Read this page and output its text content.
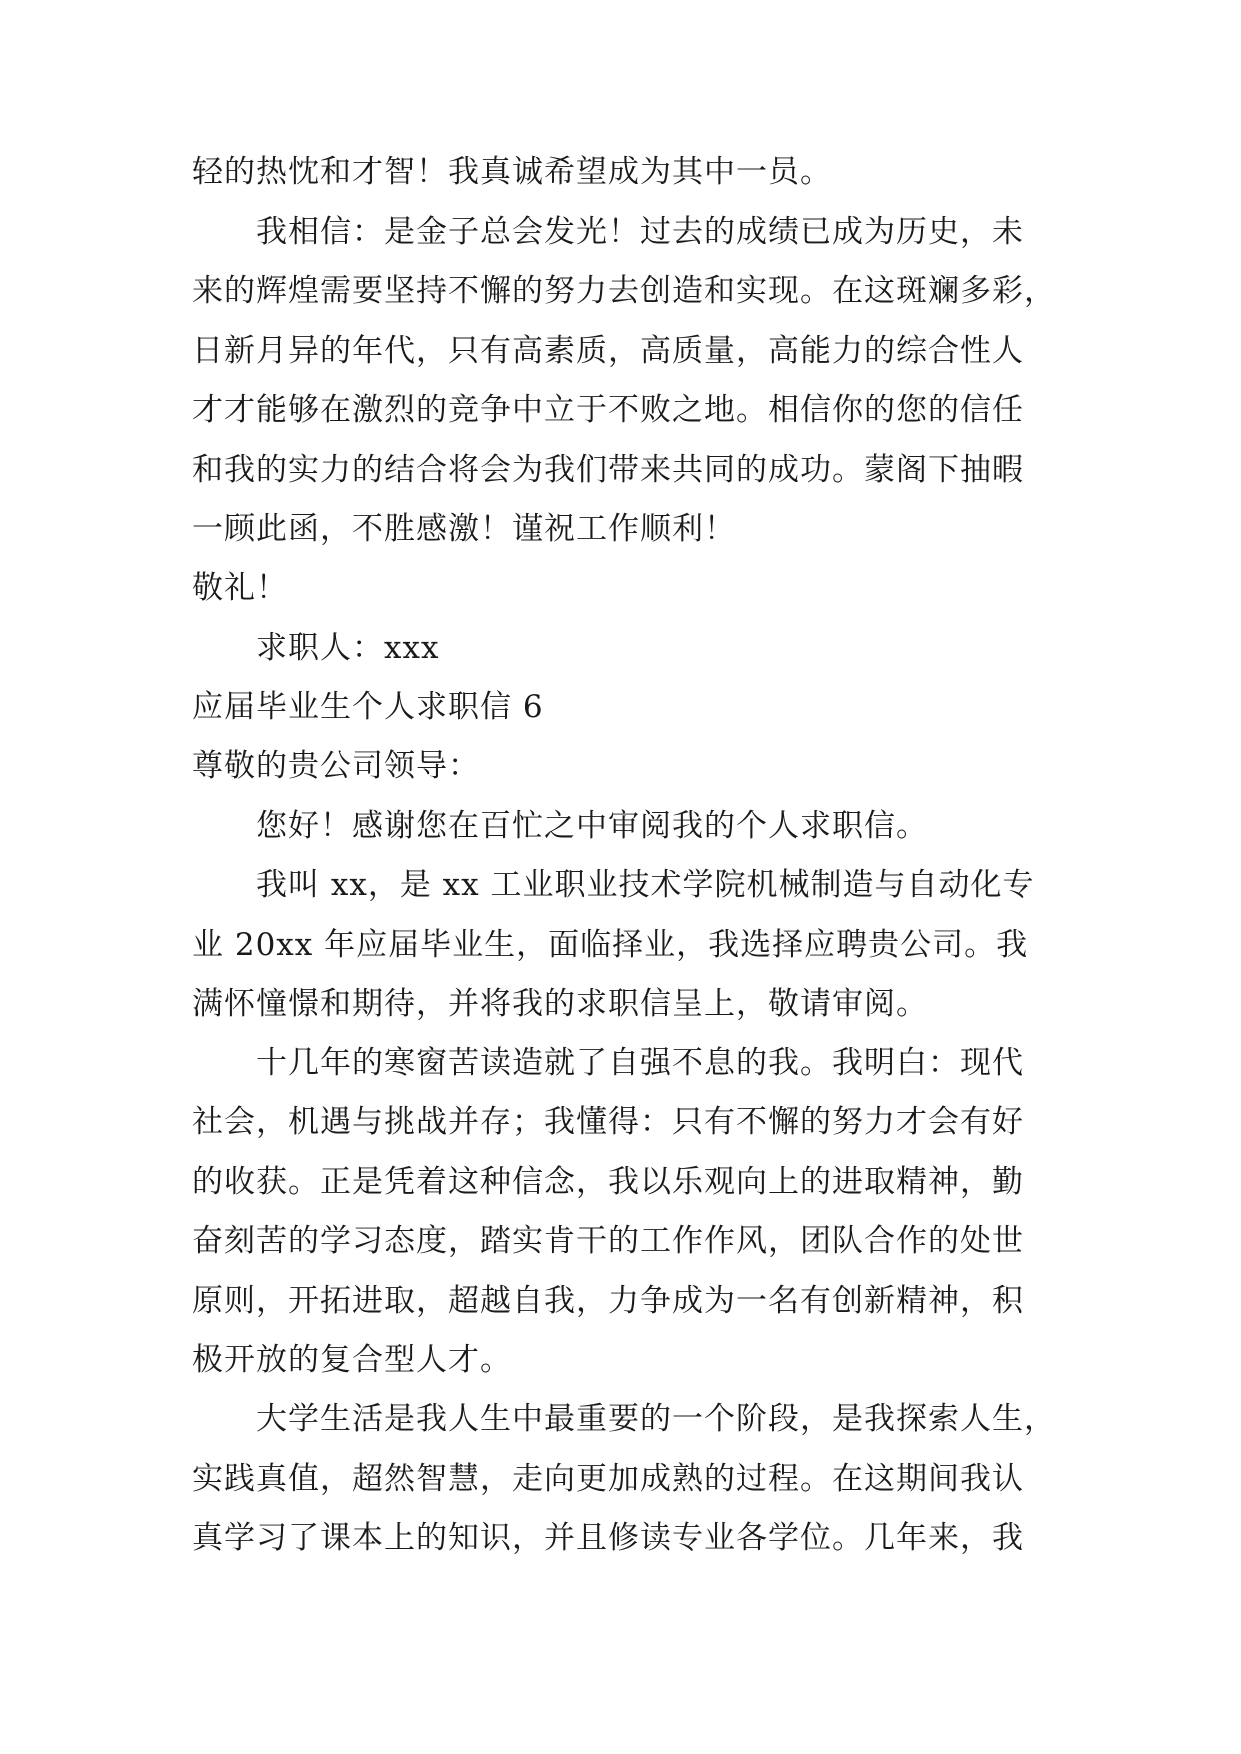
轻的热忱和才智！我真诚希望成为其中一员。
我相信：是金子总会发光！过去的成绩已成为历史，未
来的辉煌需要坚持不懈的努力去创造和实现。在这斑斓多彩，
日新月异的年代，只有高素质，高质量，高能力的综合性人
才才能够在激烈的竞争中立于不败之地。相信你的您的信任
和我的实力的结合将会为我们带来共同的成功。蒙阁下抽暇
一顾此函，不胜感激！谨祝工作顺利！
敬礼！
求职人：xxx
应届毕业生个人求职信 6
尊敬的贵公司领导：
您好！感谢您在百忙之中审阅我的个人求职信。
我叫 xx，是 xx 工业职业技术学院机械制造与自动化专
业 20xx 年应届毕业生，面临择业，我选择应聘贵公司。我
满怀憧憬和期待，并将我的求职信呈上，敬请审阅。
十几年的寒窗苦读造就了自强不息的我。我明白：现代
社会，机遇与挑战并存；我懂得：只有不懈的努力才会有好
的收获。正是凭着这种信念，我以乐观向上的进取精神，勤
奋刻苦的学习态度，踏实肯干的工作作风，团队合作的处世
原则，开拓进取，超越自我，力争成为一名有创新精神，积
极开放的复合型人才。
大学生活是我人生中最重要的一个阶段，是我探索人生，
实践真值，超然智慧，走向更加成熟的过程。在这期间我认
真学习了课本上的知识，并且修读专业各学位。几年来，我
